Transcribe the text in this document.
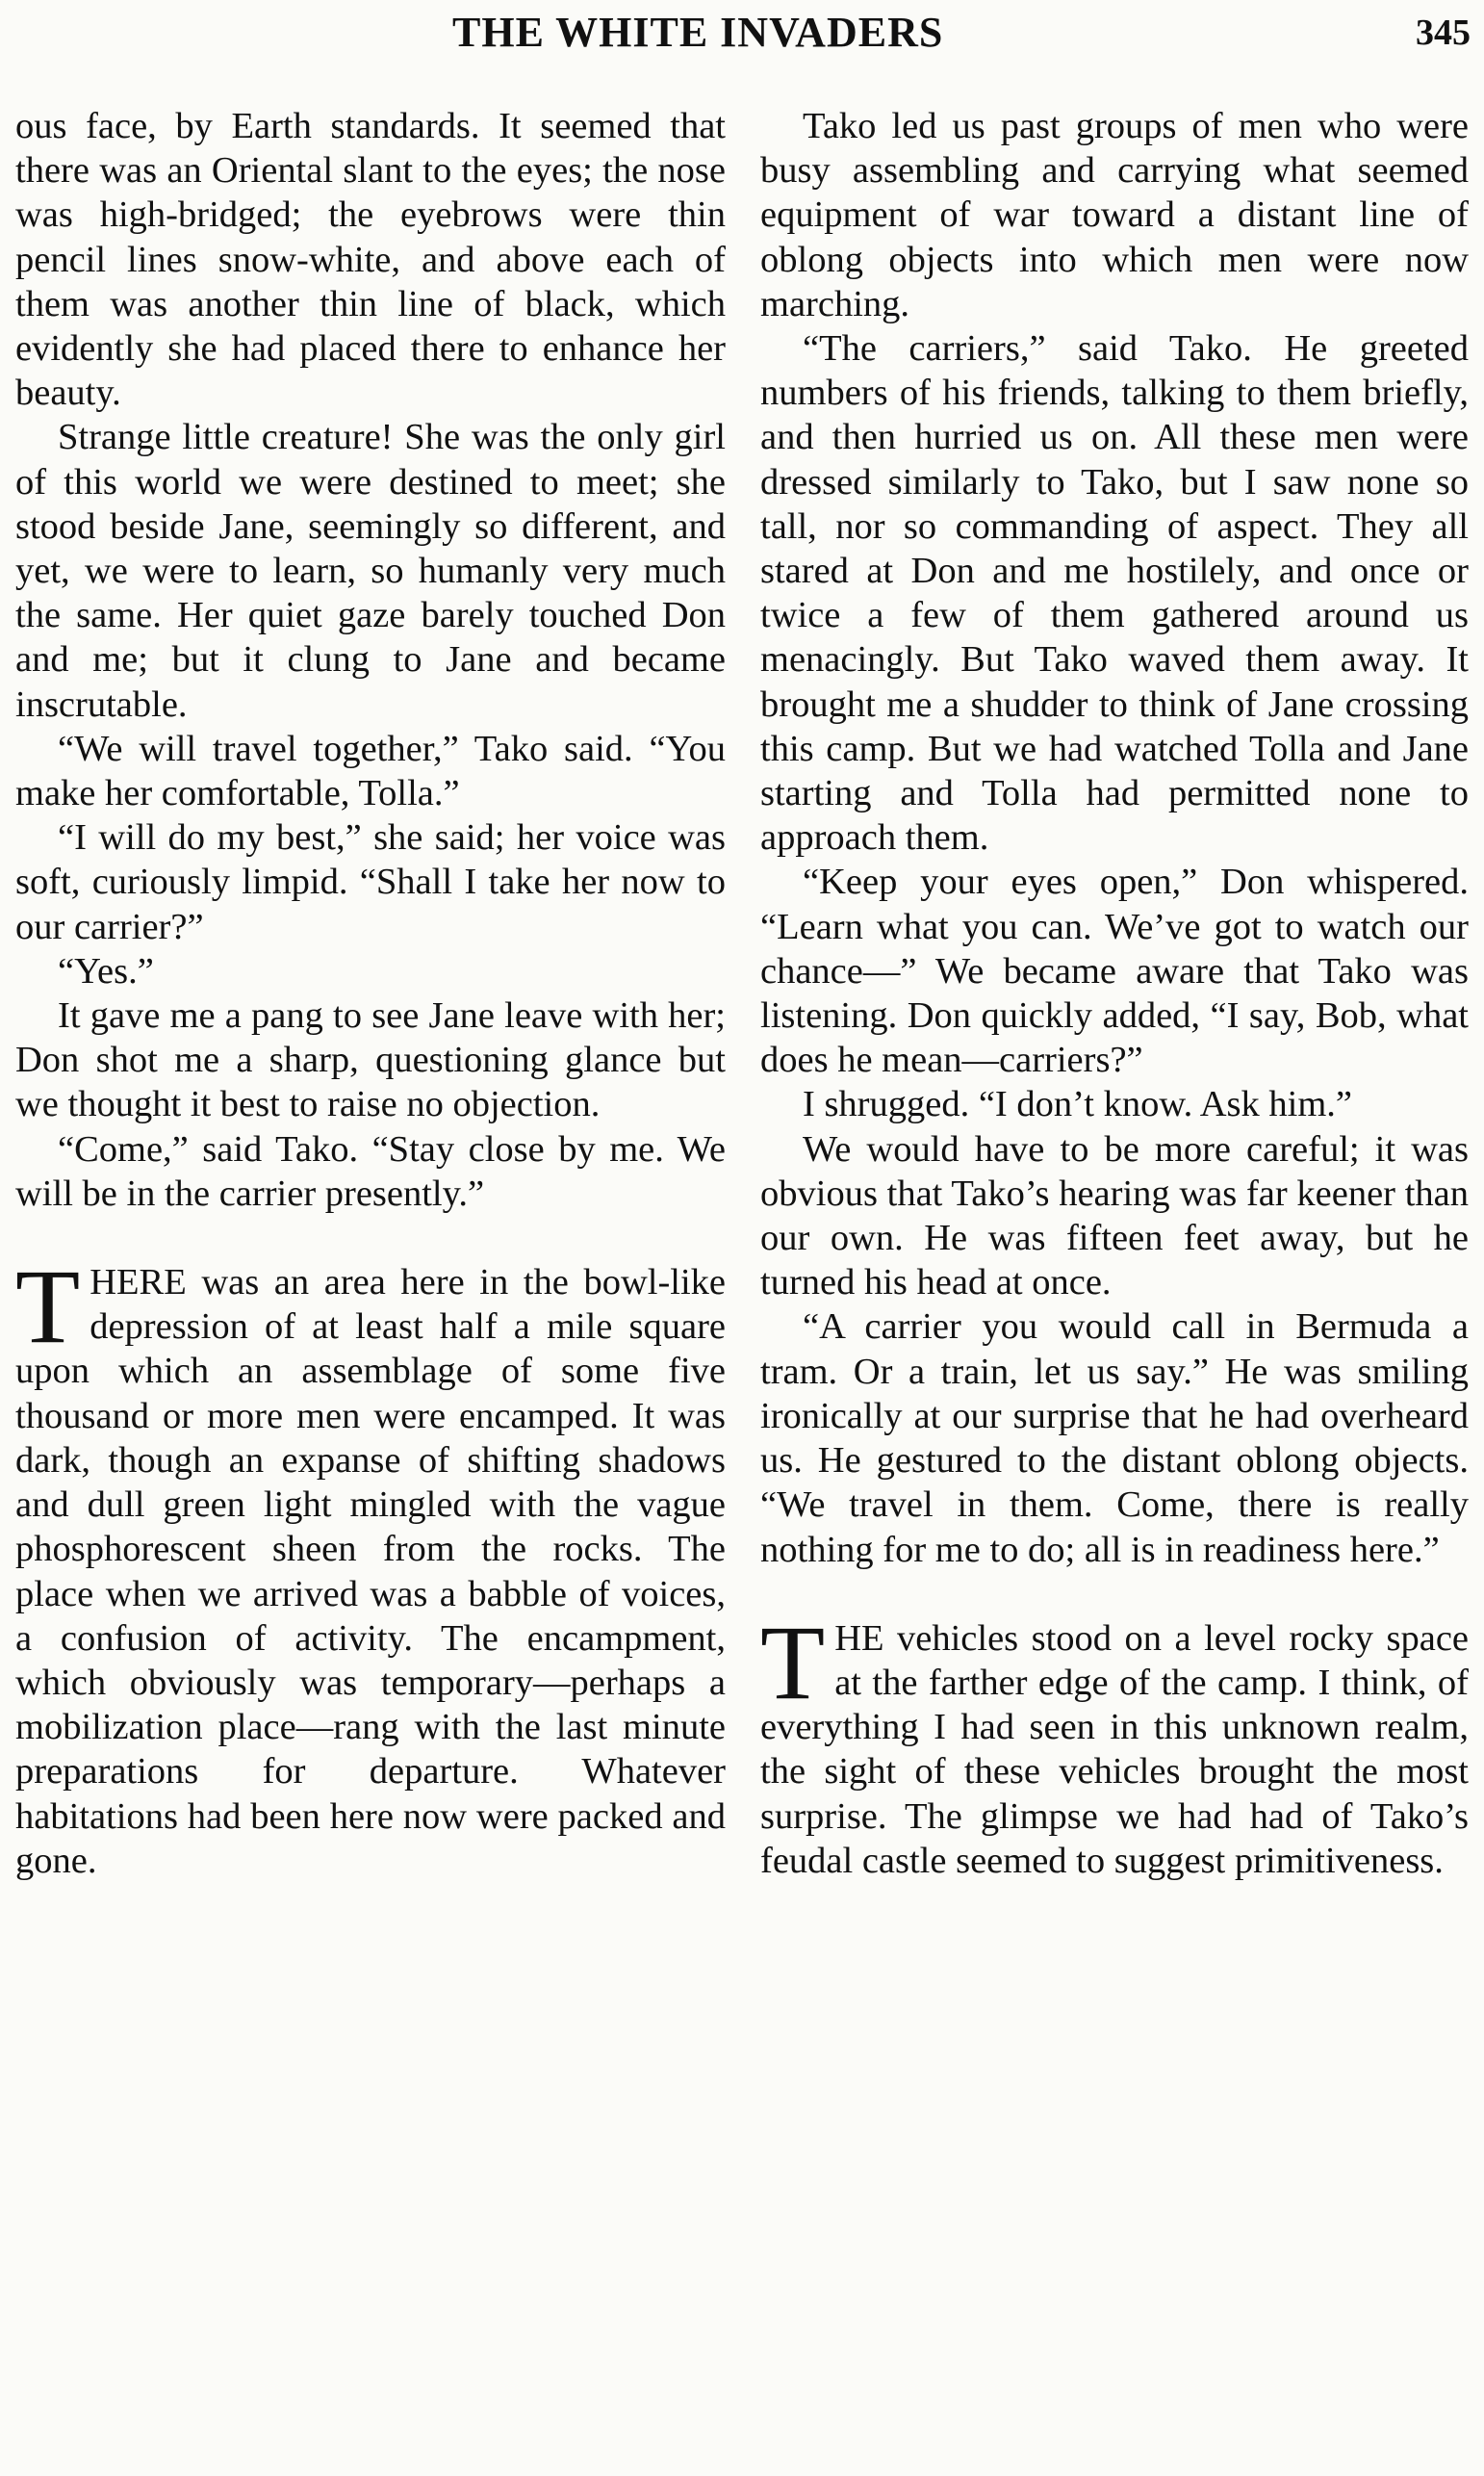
THE WHITE INVADERS	345

ous face, by Earth standards. It seemed that there was an Oriental slant to the eyes; the nose was high-bridged; the eyebrows were thin pencil lines snow-white, and above each of them was another thin line of black, which evidently she had placed there to enhance her beauty.

Strange little creature! She was the only girl of this world we were destined to meet; she stood beside Jane, seemingly so different, and yet, we were to learn, so humanly very much the same. Her quiet gaze barely touched Don and me; but it clung to Jane and became inscrutable.

“We will travel together,” Tako said. “You make her comfortable, Tolla.”

“I will do my best,” she said; her voice was soft, curiously limpid. “Shall I take her now to our carrier?”

“Yes.”

It gave me a pang to see Jane leave with her; Don shot me a sharp, questioning glance but we thought it best to raise no objection.

“Come,” said Tako. “Stay close by me. We will be in the carrier presently.”

THERE was an area here in the bowl-like depression of at least half a mile square upon which an assemblage of some five thousand or more men were encamped. It was dark, though an expanse of shifting shadows and dull green light mingled with the vague phosphorescent sheen from the rocks. The place when we arrived was a babble of voices, a confusion of activity. The encampment, which obviously was temporary—perhaps a mobilization place—rang with the last minute preparations for departure. Whatever habitations had been here now were packed and gone.

Tako led us past groups of men who were busy assembling and carrying what seemed equipment of war toward a distant line of oblong objects into which men were now marching.

“The carriers,” said Tako. He greeted numbers of his friends, talking to them briefly, and then hurried us on. All these men were dressed similarly to Tako, but I saw none so tall, nor so commanding of aspect. They all stared at Don and me hostilely, and once or twice a few of them gathered around us menacingly. But Tako waved them away. It brought me a shudder to think of Jane crossing this camp. But we had watched Tolla and Jane starting and Tolla had permitted none to approach them.

“Keep your eyes open,” Don whispered. “Learn what you can. We’ve got to watch our chance—” We became aware that Tako was listening. Don quickly added, “I say, Bob, what does he mean—carriers?”

I shrugged. “I don’t know. Ask him.”

We would have to be more careful; it was obvious that Tako’s hearing was far keener than our own. He was fifteen feet away, but he turned his head at once.

“A carrier you would call in Bermuda a tram. Or a train, let us say.” He was smiling ironically at our surprise that he had overheard us. He gestured to the distant oblong objects. “We travel in them. Come, there is really nothing for me to do; all is in readiness here.”

THE vehicles stood on a level rocky space at the farther edge of the camp. I think, of everything I had seen in this unknown realm, the sight of these vehicles brought the most surprise. The glimpse we had had of Tako’s feudal castle seemed to suggest primitiveness.
